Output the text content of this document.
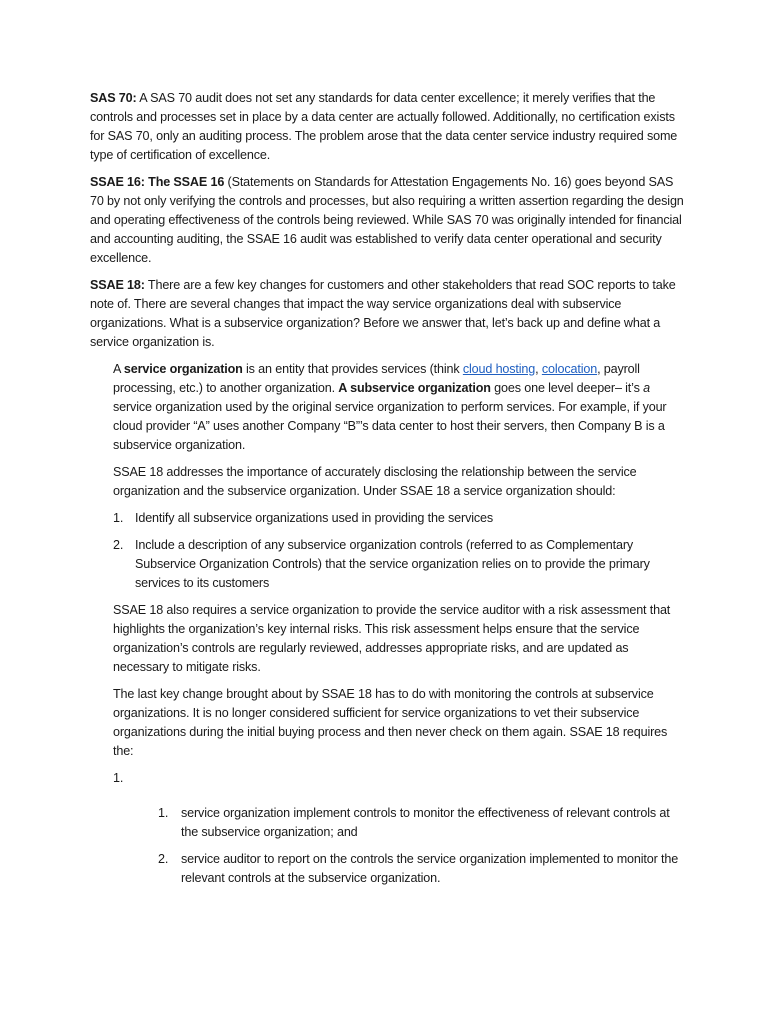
SAS 70: A SAS 70 audit does not set any standards for data center excellence; it merely verifies that the controls and processes set in place by a data center are actually followed. Additionally, no certification exists for SAS 70, only an auditing process. The problem arose that the data center service industry required some type of certification of excellence.

SSAE 16: The SSAE 16 (Statements on Standards for Attestation Engagements No. 16) goes beyond SAS 70 by not only verifying the controls and processes, but also requiring a written assertion regarding the design and operating effectiveness of the controls being reviewed. While SAS 70 was originally intended for financial and accounting auditing, the SSAE 16 audit was established to verify data center operational and security excellence.

SSAE 18: There are a few key changes for customers and other stakeholders that read SOC reports to take note of. There are several changes that impact the way service organizations deal with subservice organizations. What is a subservice organization? Before we answer that, let’s back up and define what a service organization is.

A service organization is an entity that provides services (think cloud hosting, colocation, payroll processing, etc.) to another organization. A subservice organization goes one level deeper– it’s a service organization used by the original service organization to perform services. For example, if your cloud provider “A” uses another Company “B”’s data center to host their servers, then Company B is a subservice organization.

SSAE 18 addresses the importance of accurately disclosing the relationship between the service organization and the subservice organization. Under SSAE 18 a service organization should:

1. Identify all subservice organizations used in providing the services
2. Include a description of any subservice organization controls (referred to as Complementary Subservice Organization Controls) that the service organization relies on to provide the primary services to its customers

SSAE 18 also requires a service organization to provide the service auditor with a risk assessment that highlights the organization’s key internal risks. This risk assessment helps ensure that the service organization’s controls are regularly reviewed, addresses appropriate risks, and are updated as necessary to mitigate risks.

The last key change brought about by SSAE 18 has to do with monitoring the controls at subservice organizations. It is no longer considered sufficient for service organizations to vet their subservice organizations during the initial buying process and then never check on them again. SSAE 18 requires the:

1.
1.	service organization implement controls to monitor the effectiveness of relevant controls at the subservice organization; and
2.	service auditor to report on the controls the service organization implemented to monitor the relevant controls at the subservice organization.
